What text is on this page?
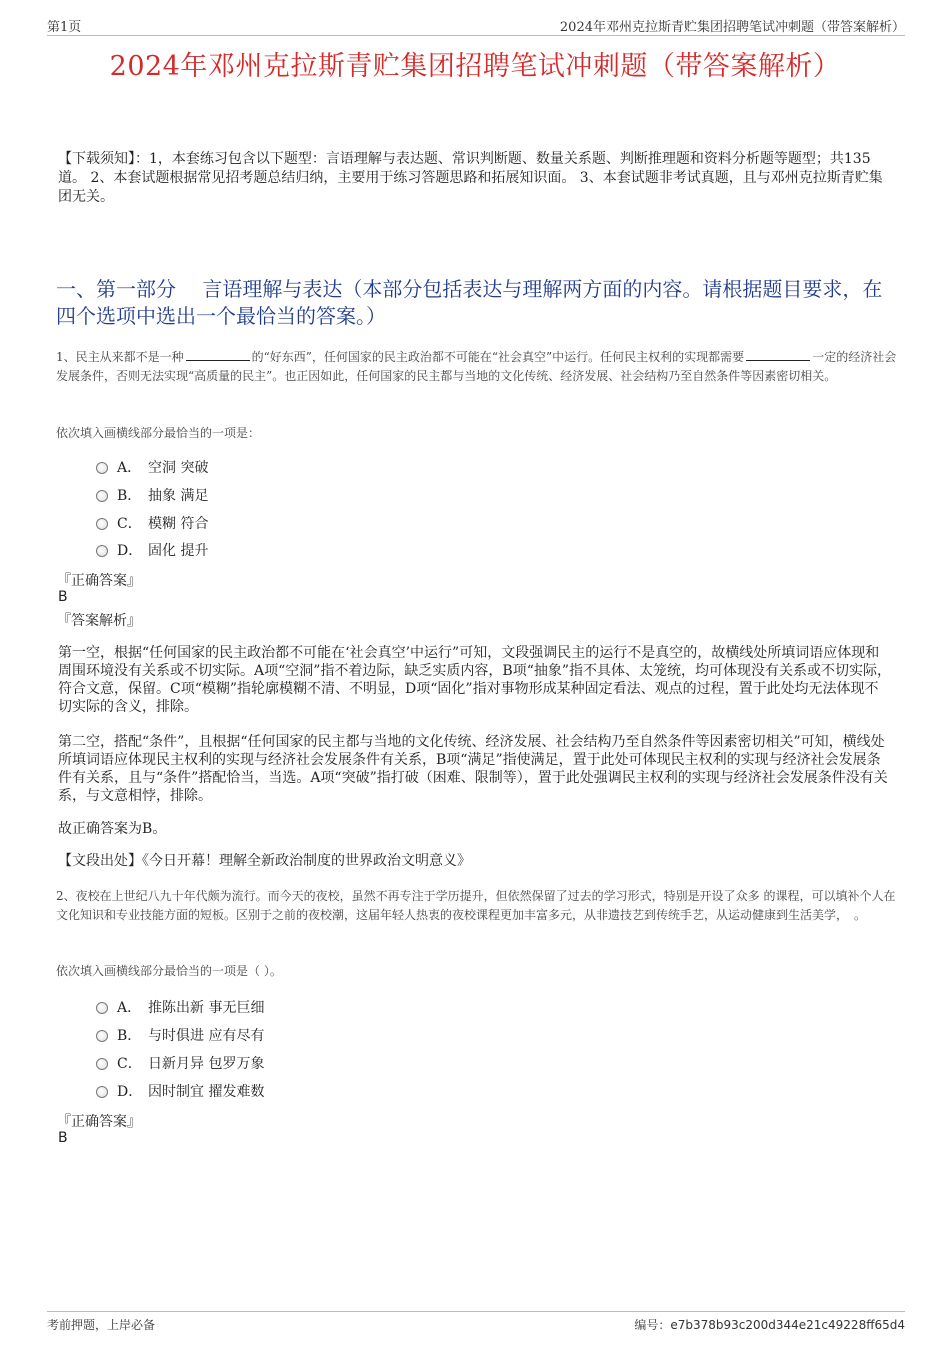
第1页	2024年邓州克拉斯青贮集团招聘笔试冲刺题（带答案解析）
2024年邓州克拉斯青贮集团招聘笔试冲刺题（带答案解析）
【下载须知】：1，本套练习包含以下题型：言语理解与表达题、常识判断题、数量关系题、判断推理题和资料分析题等题型；共135道。 2、本套试题根据常见招考题总结归纳，主要用于练习答题思路和拓展知识面。 3、本套试题非考试真题，且与邓州克拉斯青贮集团无关。
一、第一部分　 言语理解与表达（本部分包括表达与理解两方面的内容。请根据题目要求，在四个选项中选出一个最恰当的答案。）
1、民主从来都不是一种	的“好东西”，任何国家的民主政治都不可能在“社会真空”中运行。任何民主权利的实现都需要	一定的经济社会发展条件，否则无法实现“高质量的民主”。也正因如此，任何国家的民主都与当地的文化传统、经济发展、社会结构乃至自然条件等因素密切相关。
依次填入画横线部分最恰当的一项是：
A． 空洞 突破
B． 抽象 满足
C． 模糊 符合
D． 固化 提升
『正确答案』
B
『答案解析』
第一空，根据“任何国家的民主政治都不可能在‘社会真空’中运行”可知，文段强调民主的运行不是真空的，故横线处所填词语应体现和周围环境没有关系或不切实际。A项“空洞”指不着边际，缺乏实质内容，B项“抽象”指不具体、太笼统，均可体现没有关系或不切实际，符合文意，保留。C项“模糊”指轮廓模糊不清、不明显，D项“固化”指对事物形成某种固定看法、观点的过程，置于此处均无法体现不切实际的含义，排除。
第二空，搭配“条件”，且根据“任何国家的民主都与当地的文化传统、经济发展、社会结构乃至自然条件等因素密切相关”可知，横线处所填词语应体现民主权利的实现与经济社会发展条件有关系，B项“满足”指使满足，置于此处可体现民主权利的实现与经济社会发展条件有关系，且与“条件”搭配恰当，当选。A项“突破”指打破（困难、限制等），置于此处强调民主权利的实现与经济社会发展条件没有关系，与文意相悖，排除。
故正确答案为B。
【文段出处】《今日开幕！理解全新政治制度的世界政治文明意义》
2、夜校在上世纪八九十年代颇为流行。而今天的夜校，虽然不再专注于学历提升，但依然保留了过去的学习形式，特别是开设了众多 的课程，可以填补个人在文化知识和专业技能方面的短板。区别于之前的夜校潮，这届年轻人热衷的夜校课程更加丰富多元，从非遗技艺到传统手艺，从运动健康到生活美学，　。
依次填入画横线部分最恰当的一项是（ ）。
A． 推陈出新 事无巨细
B． 与时俱进 应有尽有
C． 日新月异 包罗万象
D． 因时制宜 擢发难数
『正确答案』
B
考前押题，上岸必备	编号：e7b378b93c200d344e21c49228ff65d4
